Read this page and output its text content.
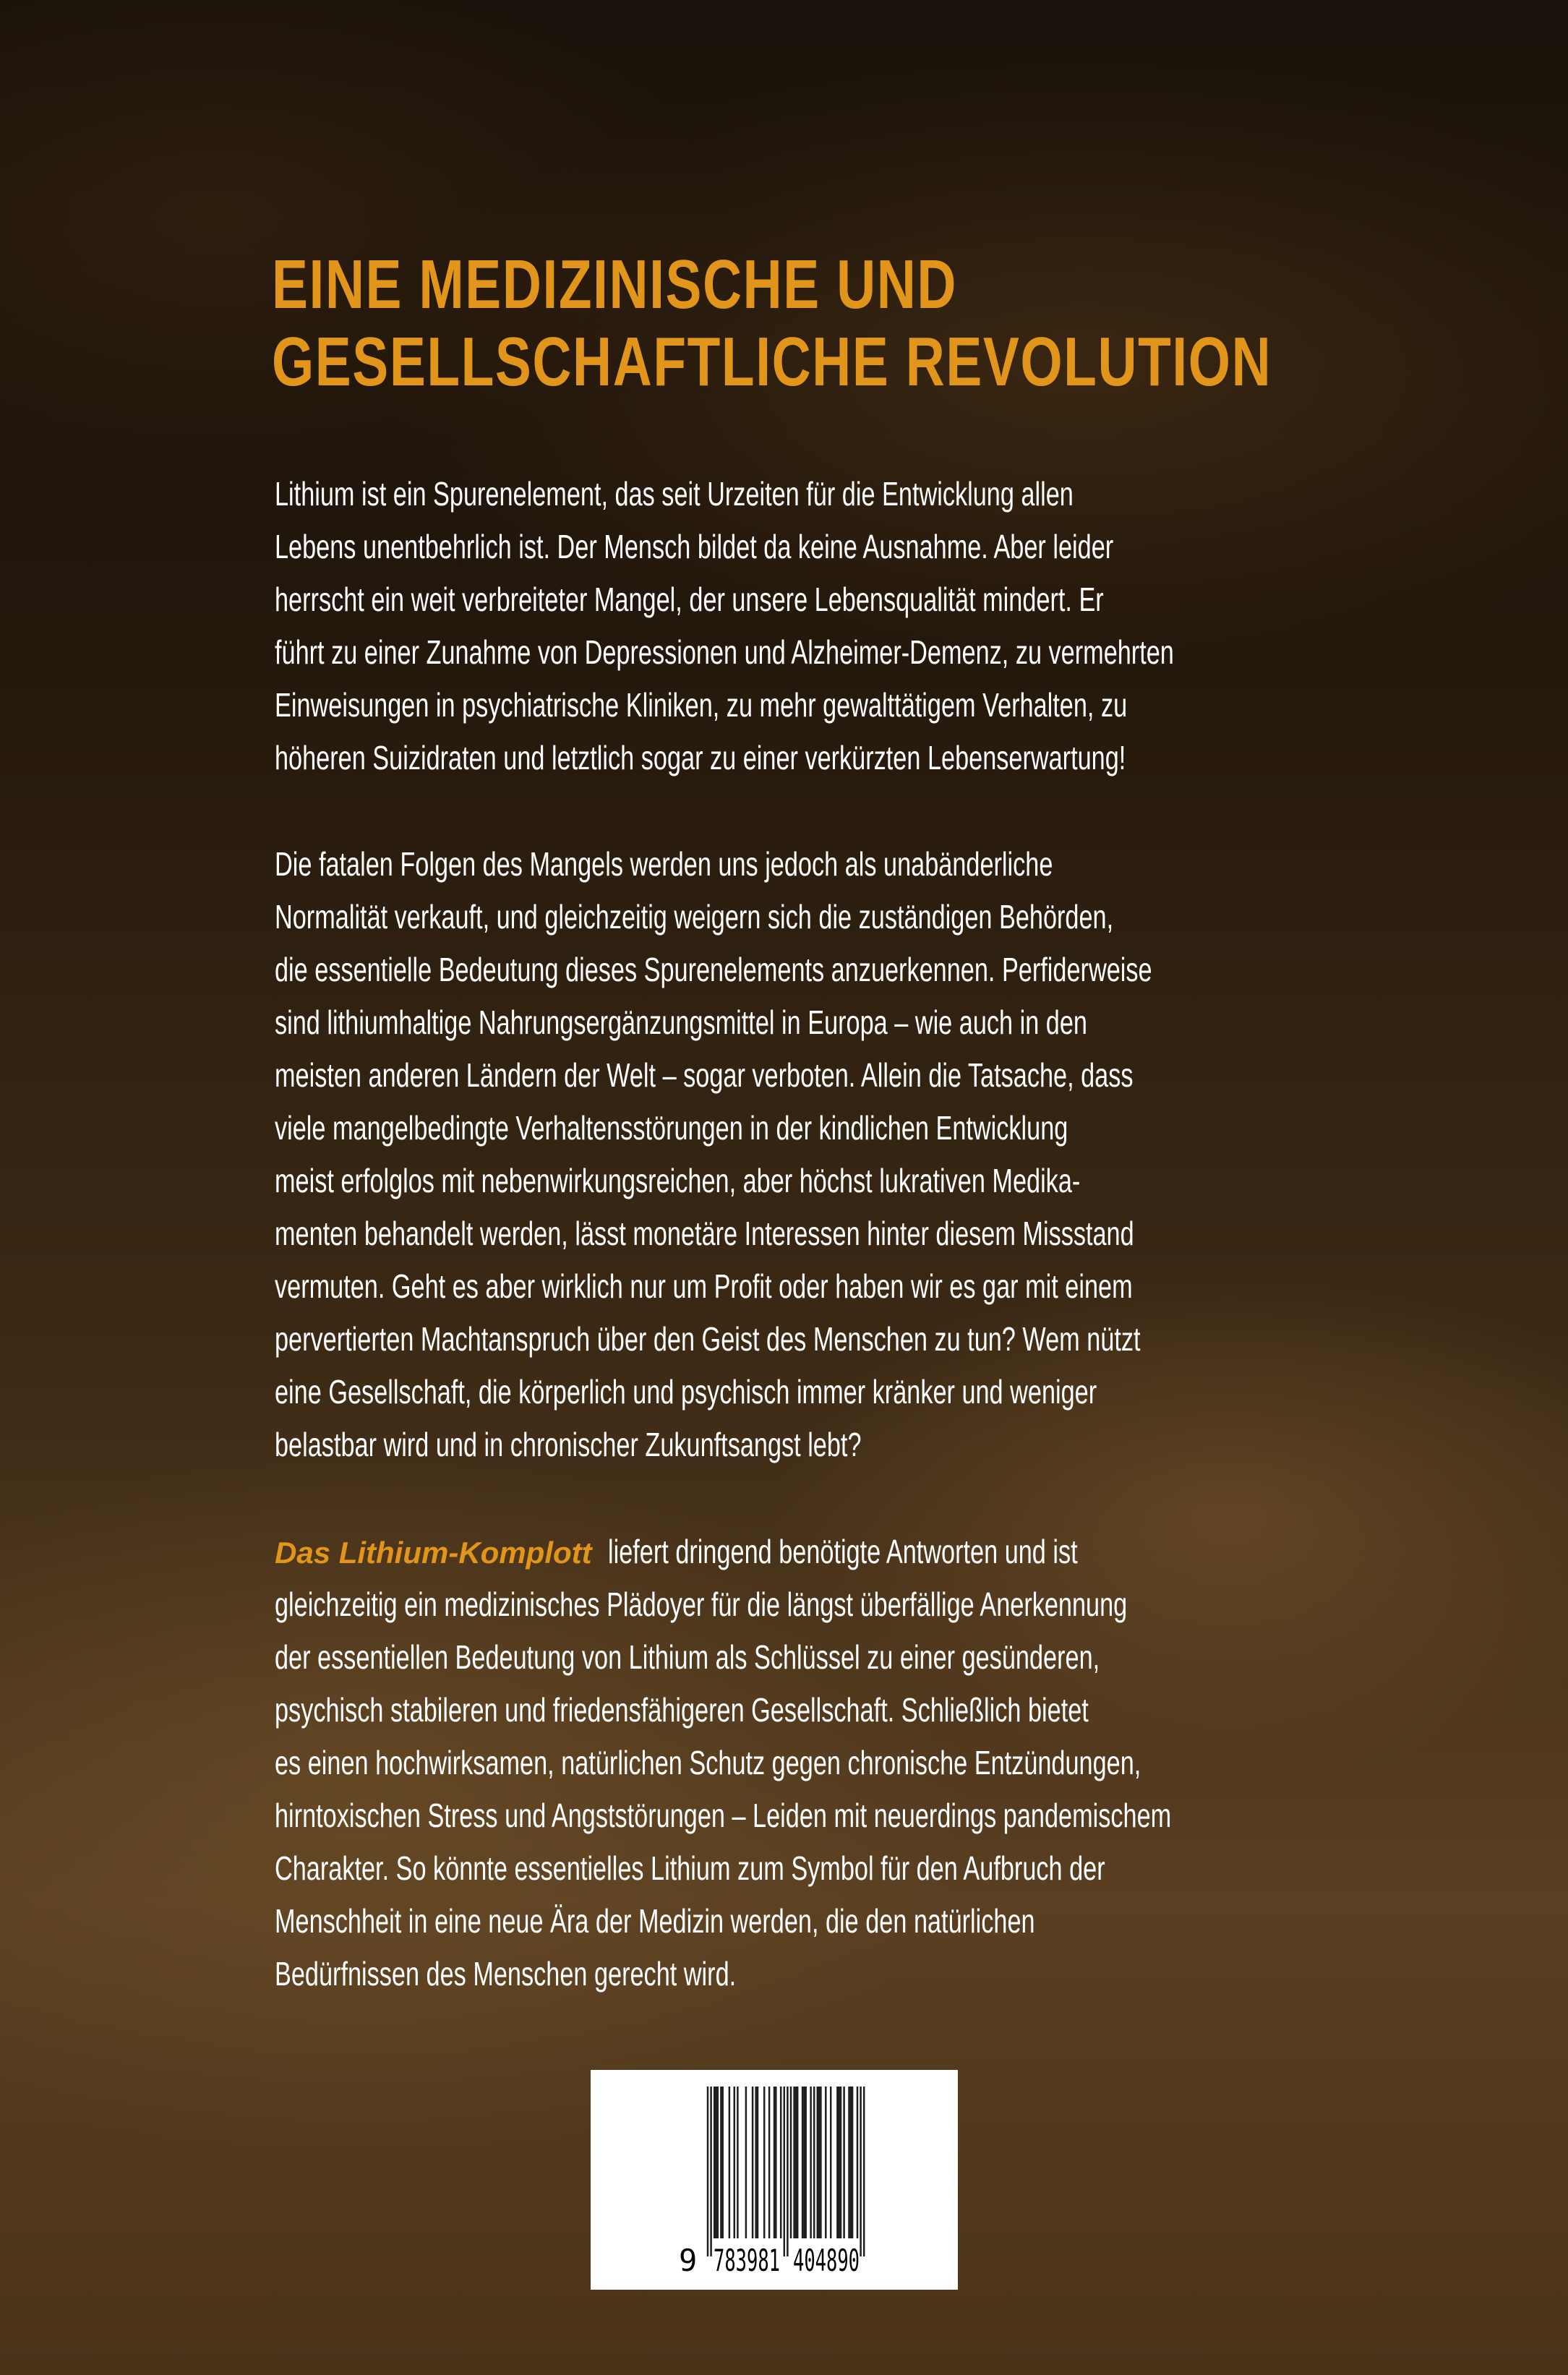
EINE MEDIZINISCHE UND
GESELLSCHAFTLICHE REVOLUTION
Lithium ist ein Spurenelement, das seit Urzeiten für die Entwicklung allen
Lebens unentbehrlich ist. Der Mensch bildet da keine Ausnahme. Aber leider
herrscht ein weit verbreiteter Mangel, der unsere Lebensqualität mindert. Er
führt zu einer Zunahme von Depressionen und Alzheimer-Demenz, zu vermehrten
Einweisungen in psychiatrische Kliniken, zu mehr gewalttätigem Verhalten, zu
höheren Suizidraten und letztlich sogar zu einer verkürzten Lebenserwartung!
Die fatalen Folgen des Mangels werden uns jedoch als unabänderliche
Normalität verkauft, und gleichzeitig weigern sich die zuständigen Behörden,
die essentielle Bedeutung dieses Spurenelements anzuerkennen. Perfiderweise
sind lithiumhaltige Nahrungsergänzungsmittel in Europa – wie auch in den
meisten anderen Ländern der Welt – sogar verboten. Allein die Tatsache, dass
viele mangelbedingte Verhaltensstörungen in der kindlichen Entwicklung
meist erfolglos mit nebenwirkungsreichen, aber höchst lukrativen Medika-
menten behandelt werden, lässt monetäre Interessen hinter diesem Missstand
vermuten. Geht es aber wirklich nur um Profit oder haben wir es gar mit einem
pervertierten Machtanspruch über den Geist des Menschen zu tun? Wem nützt
eine Gesellschaft, die körperlich und psychisch immer kränker und weniger
belastbar wird und in chronischer Zukunftsangst lebt?
Das Lithium-Komplottliefert dringend benötigte Antworten und ist
gleichzeitig ein medizinisches Plädoyer für die längst überfällige Anerkennung
der essentiellen Bedeutung von Lithium als Schlüssel zu einer gesünderen,
psychisch stabileren und friedensfähigeren Gesellschaft. Schließlich bietet
es einen hochwirksamen, natürlichen Schutz gegen chronische Entzündungen,
hirntoxischen Stress und Angststörungen – Leiden mit neuerdings pandemischem
Charakter. So könnte essentielles Lithium zum Symbol für den Aufbruch der
Menschheit in eine neue Ära der Medizin werden, die den natürlichen
Bedürfnissen des Menschen gerecht wird.
9 783981 404890
